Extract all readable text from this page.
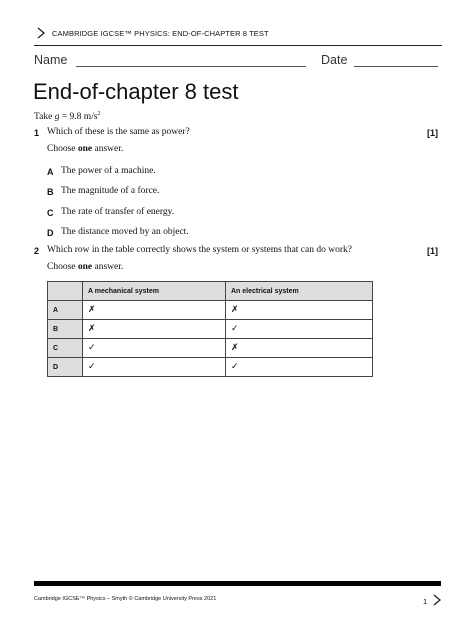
CAMBRIDGE IGCSE™ PHYSICS: END-OF-CHAPTER 8 TEST
Name	Date
End-of-chapter 8 test
Take g = 9.8 $m/s^2$
1 Which of these is the same as power?	[1]
Choose one answer.
A The power of a machine.
B The magnitude of a force.
C The rate of transfer of energy.
D The distance moved by an object.
2 Which row in the table correctly shows the system or systems that can do work?	[1]
Choose one answer.
	A mechanical system	An electrical system
A	✗	✗
B	✗	✓
C	✓	✗
D	✓	✓
Cambridge IGCSE™ Physics – Smyth © Cambridge University Press 2021	1
